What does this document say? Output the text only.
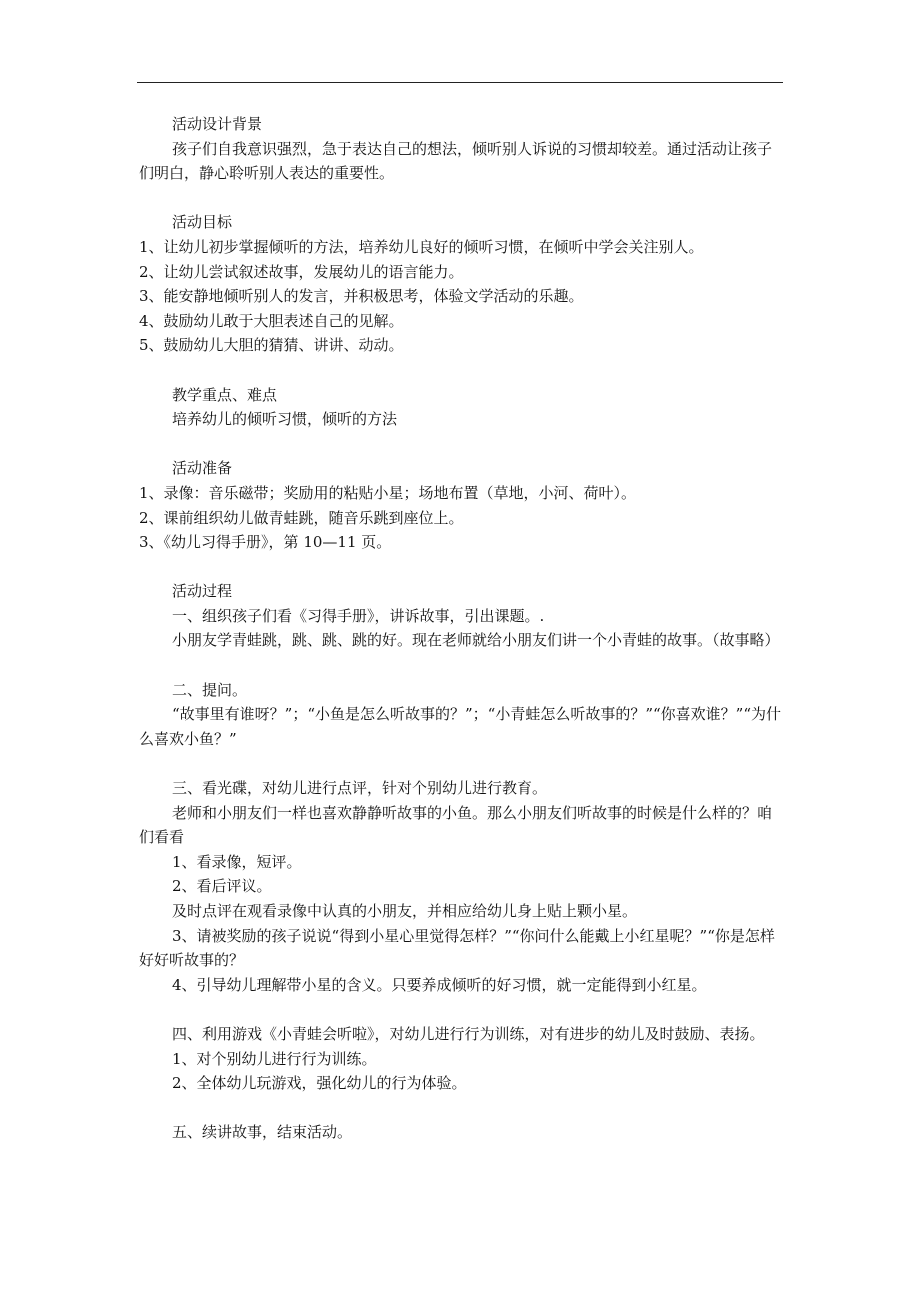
活动设计背景

孩子们自我意识强烈，急于表达自己的想法，倾听别人诉说的习惯却较差。通过活动让孩子们明白，静心聆听别人表达的重要性。

活动目标

1、让幼儿初步掌握倾听的方法，培养幼儿良好的倾听习惯，在倾听中学会关注别人。

2、让幼儿尝试叙述故事，发展幼儿的语言能力。

3、能安静地倾听别人的发言，并积极思考，体验文学活动的乐趣。

4、鼓励幼儿敢于大胆表述自己的见解。

5、鼓励幼儿大胆的猜猜、讲讲、动动。

教学重点、难点

培养幼儿的倾听习惯，倾听的方法

活动准备

1、录像：音乐磁带；奖励用的粘贴小星；场地布置（草地，小河、荷叶）。

2、课前组织幼儿做青蛙跳，随音乐跳到座位上。

3、《幼儿习得手册》，第 10—11 页。

活动过程

一、组织孩子们看《习得手册》，讲诉故事，引出课题。.

小朋友学青蛙跳，跳、跳、跳的好。现在老师就给小朋友们讲一个小青蛙的故事。（故事略）

二、提问。

“故事里有谁呀？”；“小鱼是怎么听故事的？”；“小青蛙怎么听故事的？”“你喜欢谁？”“为什么喜欢小鱼？”

三、看光碟，对幼儿进行点评，针对个别幼儿进行教育。

老师和小朋友们一样也喜欢静静听故事的小鱼。那么小朋友们听故事的时候是什么样的？咱们看看

1、看录像，短评。

2、看后评议。

及时点评在观看录像中认真的小朋友，并相应给幼儿身上贴上颗小星。

3、请被奖励的孩子说说“得到小星心里觉得怎样？”“你问什么能戴上小红星呢？”“你是怎样好好听故事的？

4、引导幼儿理解带小星的含义。只要养成倾听的好习惯，就一定能得到小红星。

四、利用游戏《小青蛙会听啦》，对幼儿进行行为训练，对有进步的幼儿及时鼓励、表扬。

1、对个别幼儿进行行为训练。

2、全体幼儿玩游戏，强化幼儿的行为体验。

五、续讲故事，结束活动。
